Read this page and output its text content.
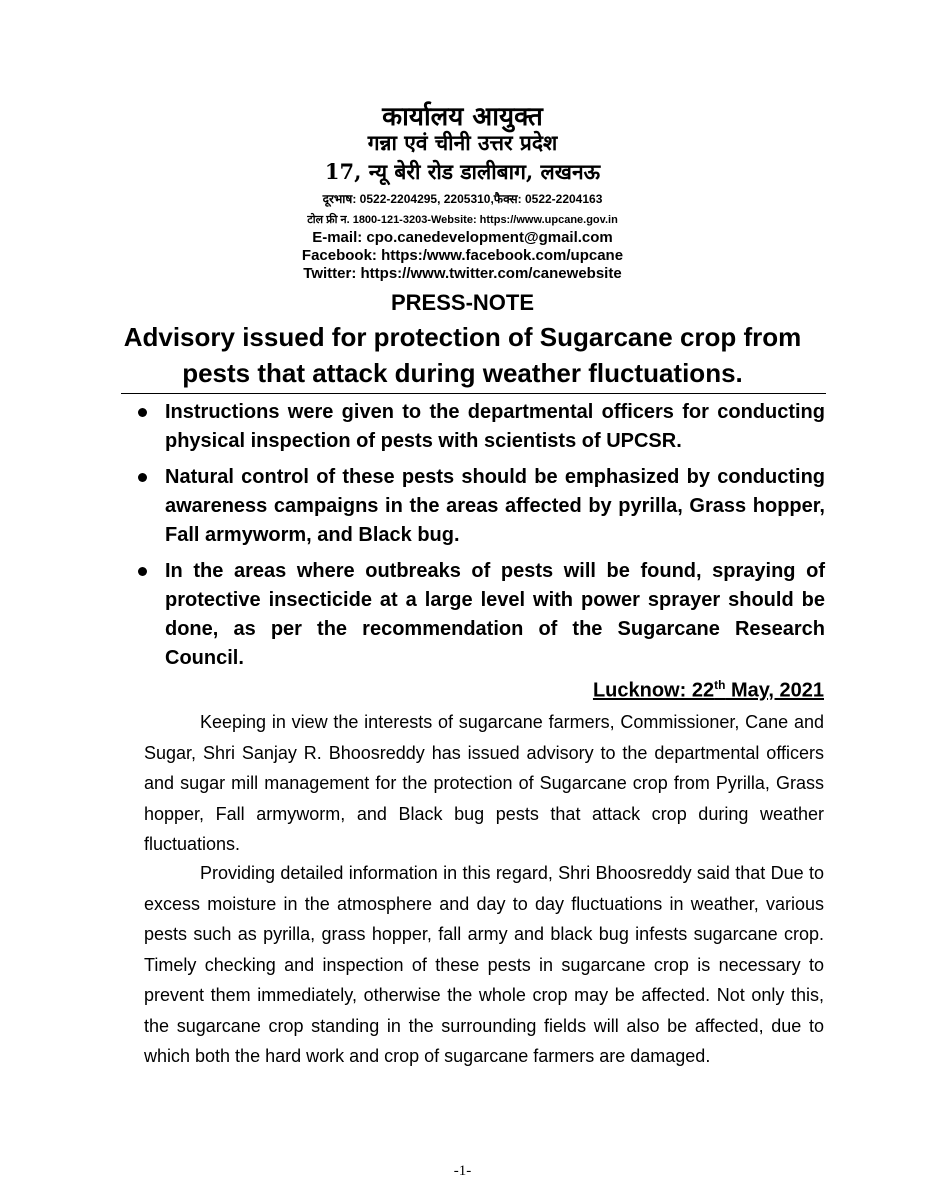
कार्यालय आयुक्त
गन्ना एवं चीनी उत्तर प्रदेश
17, न्यू बेरी रोड डालीबाग, लखनऊ
दूरभाष: 0522-2204295, 2205310,फैक्स: 0522-2204163
टोल फ्री न. 1800-121-3203-Website: https://www.upcane.gov.in
E-mail: cpo.canedevelopment@gmail.com
Facebook: https:/www.facebook.com/upcane
Twitter: https://www.twitter.com/canewebsite
PRESS-NOTE
Advisory issued for protection of Sugarcane crop from
pests that attack during weather fluctuations.
Instructions were given to the departmental officers for conducting physical inspection of pests with scientists of UPCSR.
Natural control of these pests should be emphasized by conducting awareness campaigns in the areas affected by pyrilla, Grass hopper, Fall armyworm, and Black bug.
In the areas where outbreaks of pests will be found, spraying of protective insecticide at a large level with power sprayer should be done, as per the recommendation of the Sugarcane Research Council.
Lucknow: 22th May, 2021
Keeping in view the interests of sugarcane farmers, Commissioner, Cane and Sugar, Shri Sanjay R. Bhoosreddy has issued advisory to the departmental officers and sugar mill management for the protection of Sugarcane crop from Pyrilla, Grass hopper, Fall armyworm, and Black bug pests that attack crop during weather fluctuations.
Providing detailed information in this regard, Shri Bhoosreddy said that Due to excess moisture in the atmosphere and day to day fluctuations in weather, various pests such as pyrilla, grass hopper, fall army and black bug infests sugarcane crop. Timely checking and inspection of these pests in sugarcane crop is necessary to prevent them immediately, otherwise the whole crop may be affected. Not only this, the sugarcane crop standing in the surrounding fields will also be affected, due to which both the hard work and crop of sugarcane farmers are damaged.
-1-
